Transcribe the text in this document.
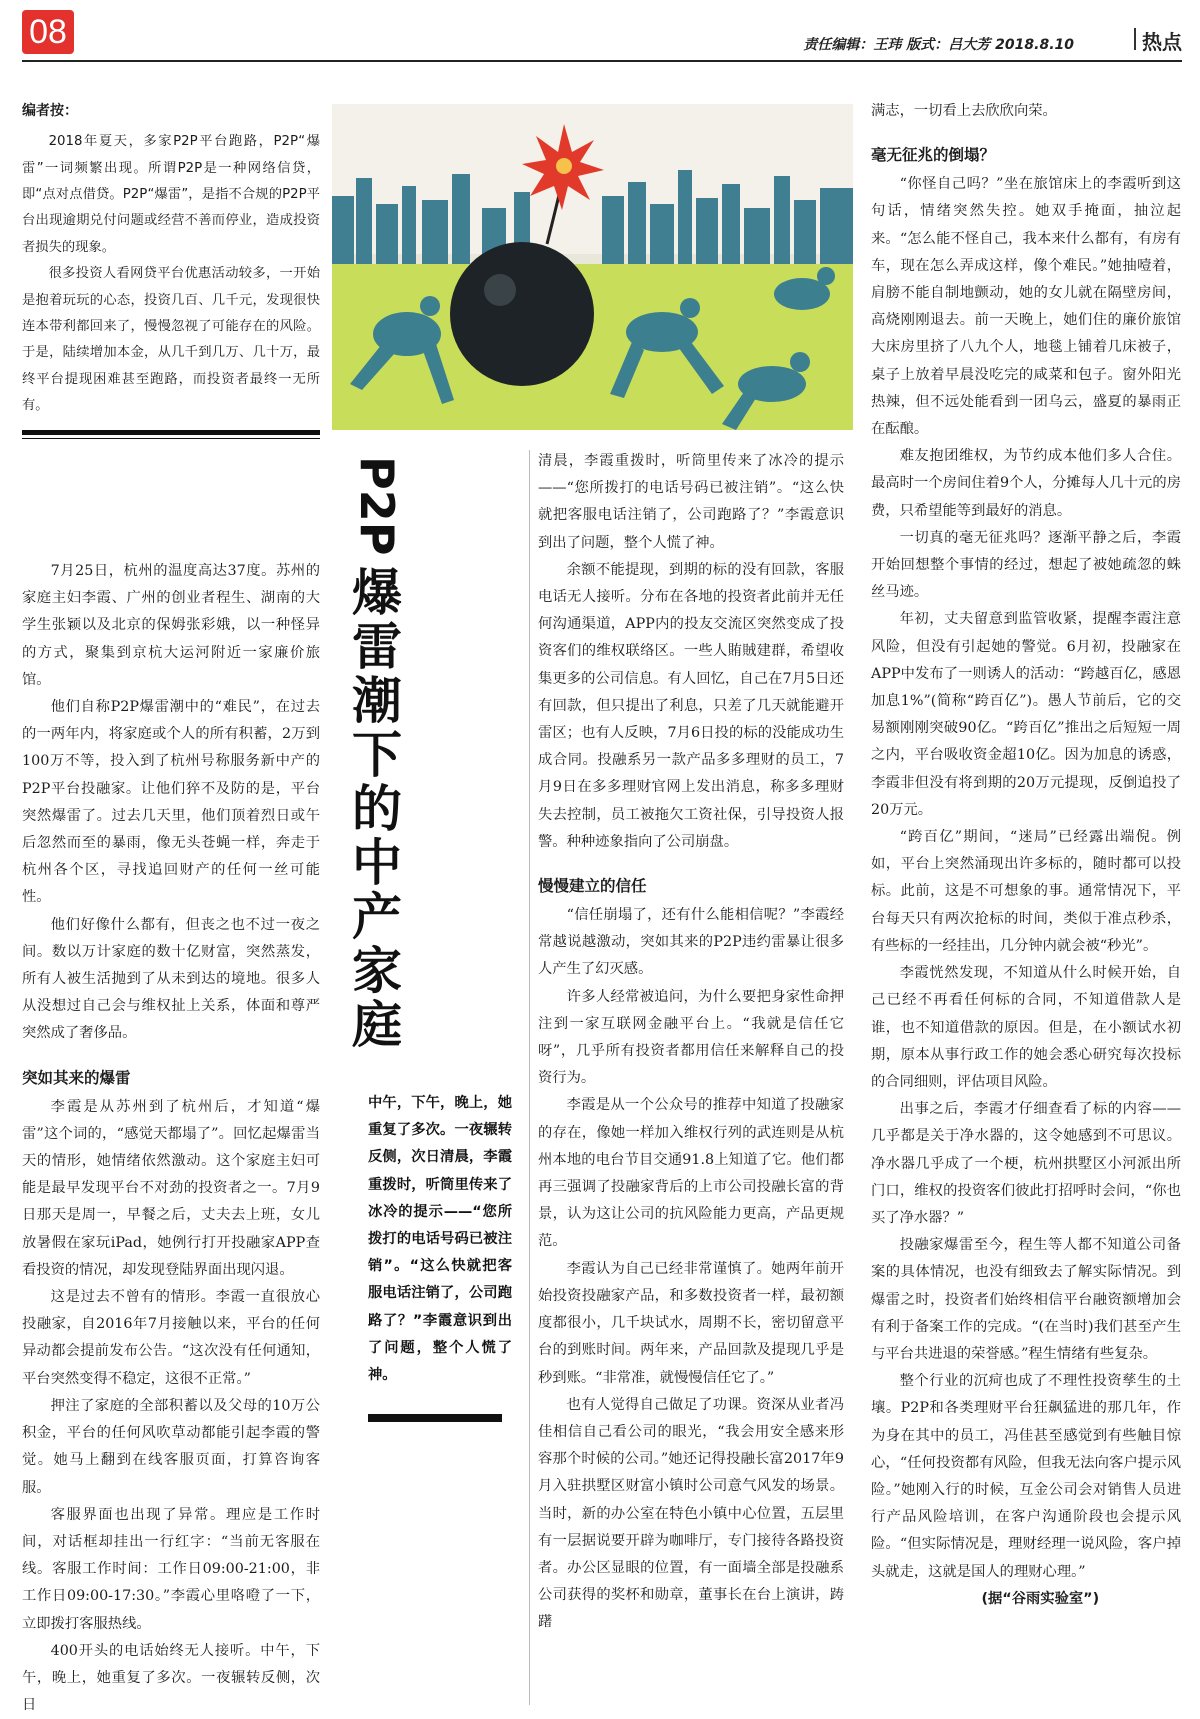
08	责任编辑：王玮 版式：吕大芳 2018.8.10	热点
编者按：

2018年夏天，多家P2P平台跑路，P2P“爆雷”一词频繁出现。所谓P2P是一种网络信贷，即“点对点借贷。P2P“爆雷”，是指不合规的P2P平台出现逾期兑付问题或经营不善而停业，造成投资者损失的现象。

很多投资人看网贷平台优惠活动较多，一开始是抱着玩玩的心态，投资几百、几千元，发现很快连本带利都回来了，慢慢忽视了可能存在的风险。于是，陆续增加本金，从几千到几万、几十万，最终平台提现困难甚至跑路，而投资者最终一无所有。

P2P
爆
雷
潮
下
的
中
产
家
庭
中午，下午，晚上，她重复了多次。一夜辗转反侧，次日清晨，李霞重拨时，听筒里传来了冰冷的提示——“您所拨打的电话号码已被注销”。“这么快就把客服电话注销了，公司跑路了？”李霞意识到出了问题，整个人慌了神。

7月25日，杭州的温度高达37度。苏州的家庭主妇李霞、广州的创业者程生、湖南的大学生张颖以及北京的保姆张彩娥，以一种怪异的方式，聚集到京杭大运河附近一家廉价旅馆。

他们自称P2P爆雷潮中的“难民”，在过去的一两年内，将家庭或个人的所有积蓄，2万到100万不等，投入到了杭州号称服务新中产的P2P平台投融家。让他们猝不及防的是，平台突然爆雷了。过去几天里，他们顶着烈日或午后忽然而至的暴雨，像无头苍蝇一样，奔走于杭州各个区，寻找追回财产的任何一丝可能性。

他们好像什么都有，但丧之也不过一夜之间。数以万计家庭的数十亿财富，突然蒸发，所有人被生活抛到了从未到达的境地。很多人从没想过自己会与维权扯上关系，体面和尊严突然成了奢侈品。

突如其来的爆雷

李霞是从苏州到了杭州后，才知道“爆雷”这个词的，“感觉天都塌了”。回忆起爆雷当天的情形，她情绪依然激动。这个家庭主妇可能是最早发现平台不对劲的投资者之一。7月9日那天是周一，早餐之后，丈夫去上班，女儿放暑假在家玩iPad，她例行打开投融家APP查看投资的情况，却发现登陆界面出现闪退。

这是过去不曾有的情形。李霞一直很放心投融家，自2016年7月接触以来，平台的任何异动都会提前发布公告。“这次没有任何通知，平台突然变得不稳定，这很不正常。”

押注了家庭的全部积蓄以及父母的10万公积金，平台的任何风吹草动都能引起李霞的警觉。她马上翻到在线客服页面，打算咨询客服。

客服界面也出现了异常。理应是工作时间，对话框却挂出一行红字：“当前无客服在线。客服工作时间：工作日09:00-21:00，非工作日09:00-17:30。”李霞心里咯噔了一下，立即拨打客服热线。

400开头的电话始终无人接听。中午，下午，晚上，她重复了多次。一夜辗转反侧，次日

清晨，李霞重拨时，听筒里传来了冰冷的提示——“您所拨打的电话号码已被注销”。“这么快就把客服电话注销了，公司跑路了？”李霞意识到出了问题，整个人慌了神。

余额不能提现，到期的标的没有回款，客服电话无人接听。分布在各地的投资者此前并无任何沟通渠道，APP内的投友交流区突然变成了投资客们的维权联络区。一些人賄賊建群，希望收集更多的公司信息。有人回忆，自己在7月5日还有回款，但只提出了利息，只差了几天就能避开雷区；也有人反映，7月6日投的标的没能成功生成合同。投融系另一款产品多多理财的员工，7月9日在多多理财官网上发出消息，称多多理财失去控制，员工被拖欠工资社保，引导投资人报警。种种迹象指向了公司崩盘。

慢慢建立的信任

“信任崩塌了，还有什么能相信呢？”李霞经常越说越激动，突如其来的P2P违约雷暴让很多人产生了幻灭感。

许多人经常被追问，为什么要把身家性命押注到一家互联网金融平台上。“我就是信任它呀”，几乎所有投资者都用信任来解释自己的投资行为。

李霞是从一个公众号的推荐中知道了投融家的存在，像她一样加入维权行列的武连则是从杭州本地的电台节目交通91.8上知道了它。他们都再三强调了投融家背后的上市公司投融长富的背景，认为这让公司的抗风险能力更高，产品更规范。

李霞认为自己已经非常谨慎了。她两年前开始投资投融家产品，和多数投资者一样，最初额度都很小，几千块试水，周期不长，密切留意平台的到账时间。两年来，产品回款及提现几乎是秒到账。“非常准，就慢慢信任它了。”

也有人觉得自己做足了功课。资深从业者冯佳相信自己看公司的眼光，“我会用安全感来形容那个时候的公司。”她还记得投融长富2017年9月入驻拱墅区财富小镇时公司意气风发的场景。当时，新的办公室在特色小镇中心位置，五层里有一层据说要开辟为咖啡厅，专门接待各路投资者。办公区显眼的位置，有一面墙全部是投融系公司获得的奖杯和勋章，董事长在台上演讲，踌躇

满志，一切看上去欣欣向荣。

毫无征兆的倒塌？

“你怪自己吗？”坐在旅馆床上的李霞听到这句话，情绪突然失控。她双手掩面，抽泣起来。“怎么能不怪自己，我本来什么都有，有房有车，现在怎么弄成这样，像个难民。”她抽噎着，肩膀不能自制地颤动，她的女儿就在隔壁房间，高烧刚刚退去。前一天晚上，她们住的廉价旅馆大床房里挤了八九个人，地毯上铺着几床被子，桌子上放着早晨没吃完的咸菜和包子。窗外阳光热辣，但不远处能看到一团乌云，盛夏的暴雨正在酝酿。

难友抱团维权，为节约成本他们多人合住。最高时一个房间住着9个人，分摊每人几十元的房费，只希望能等到最好的消息。

一切真的毫无征兆吗？逐渐平静之后，李霞开始回想整个事情的经过，想起了被她疏忽的蛛丝马迹。

年初，丈夫留意到监管收紧，提醒李霞注意风险，但没有引起她的警觉。6月初，投融家在APP中发布了一则诱人的活动：“跨越百亿，感恩加息1%”(简称“跨百亿”)。愚人节前后，它的交易额刚刚突破90亿。“跨百亿”推出之后短短一周之内，平台吸收资金超10亿。因为加息的诱惑，李霞非但没有将到期的20万元提现，反倒追投了20万元。

“跨百亿”期间，“迷局”已经露出端倪。例如，平台上突然涌现出许多标的，随时都可以投标。此前，这是不可想象的事。通常情况下，平台每天只有两次抢标的时间，类似于准点秒杀，有些标的一经挂出，几分钟内就会被“秒光”。

李霞恍然发现，不知道从什么时候开始，自己已经不再看任何标的合同，不知道借款人是谁，也不知道借款的原因。但是，在小额试水初期，原本从事行政工作的她会悉心研究每次投标的合同细则，评估项目风险。

出事之后，李霞才仔细查看了标的内容——几乎都是关于净水器的，这令她感到不可思议。净水器几乎成了一个梗，杭州拱墅区小河派出所门口，维权的投资客们彼此打招呼时会问，“你也买了净水器？”

投融家爆雷至今，程生等人都不知道公司备案的具体情况，也没有细致去了解实际情况。到爆雷之时，投资者们始终相信平台融资额增加会有利于备案工作的完成。“(在当时)我们甚至产生与平台共进退的荣誉感。”程生情绪有些复杂。

整个行业的沉疴也成了不理性投资孳生的土壤。P2P和各类理财平台狂飙猛进的那几年，作为身在其中的员工，冯佳甚至感觉到有些触目惊心，“任何投资都有风险，但我无法向客户提示风险。”她刚入行的时候，互金公司会对销售人员进行产品风险培训，在客户沟通阶段也会提示风险。“但实际情况是，理财经理一说风险，客户掉头就走，这就是国人的理财心理。”

(据“谷雨实验室”)
